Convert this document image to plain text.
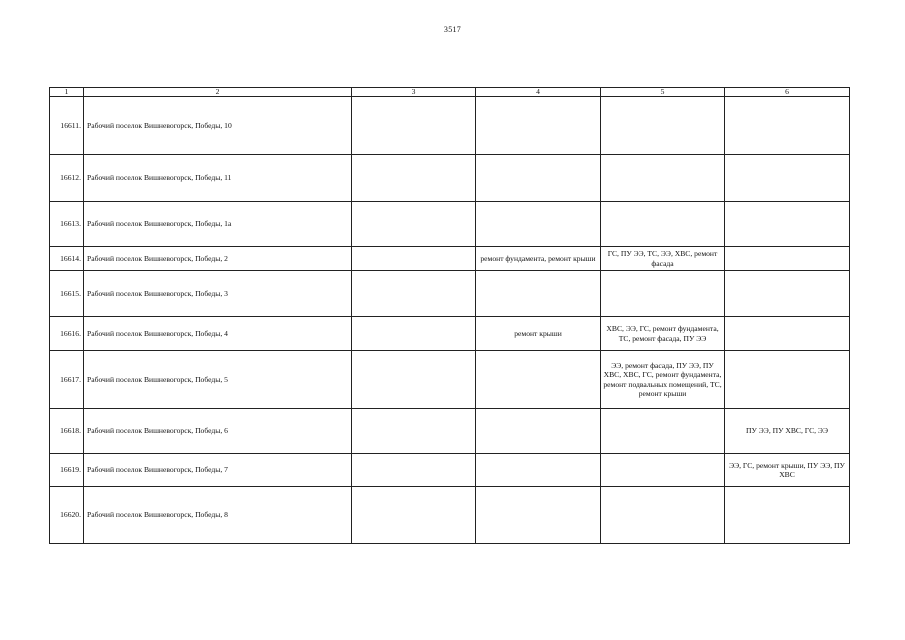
3517
1	2	3	4	5	6
16611.	Рабочий поселок Вишневогорск, Победы, 10				
16612.	Рабочий поселок Вишневогорск, Победы, 11				
16613.	Рабочий поселок Вишневогорск, Победы, 1а				
16614.	Рабочий поселок Вишневогорск, Победы, 2		ремонт фундамента, ремонт крыши	ГС, ПУ ЭЭ, ТС, ЭЭ, ХВС, ремонт фасада	
16615.	Рабочий поселок Вишневогорск, Победы, 3				
16616.	Рабочий поселок Вишневогорск, Победы, 4		ремонт крыши	ХВС, ЭЭ, ГС, ремонт фундамента, ТС, ремонт фасада, ПУ ЭЭ	
16617.	Рабочий поселок Вишневогорск, Победы, 5			ЭЭ, ремонт фасада, ПУ ЭЭ, ПУ ХВС, ХВС, ГС, ремонт фундамента, ремонт подвальных помещений, ТС, ремонт крыши	
16618.	Рабочий поселок Вишневогорск, Победы, 6				ПУ ЭЭ, ПУ ХВС, ГС, ЭЭ
16619.	Рабочий поселок Вишневогорск, Победы, 7				ЭЭ, ГС, ремонт крыши, ПУ ЭЭ, ПУ ХВС
16620.	Рабочий поселок Вишневогорск, Победы, 8				
